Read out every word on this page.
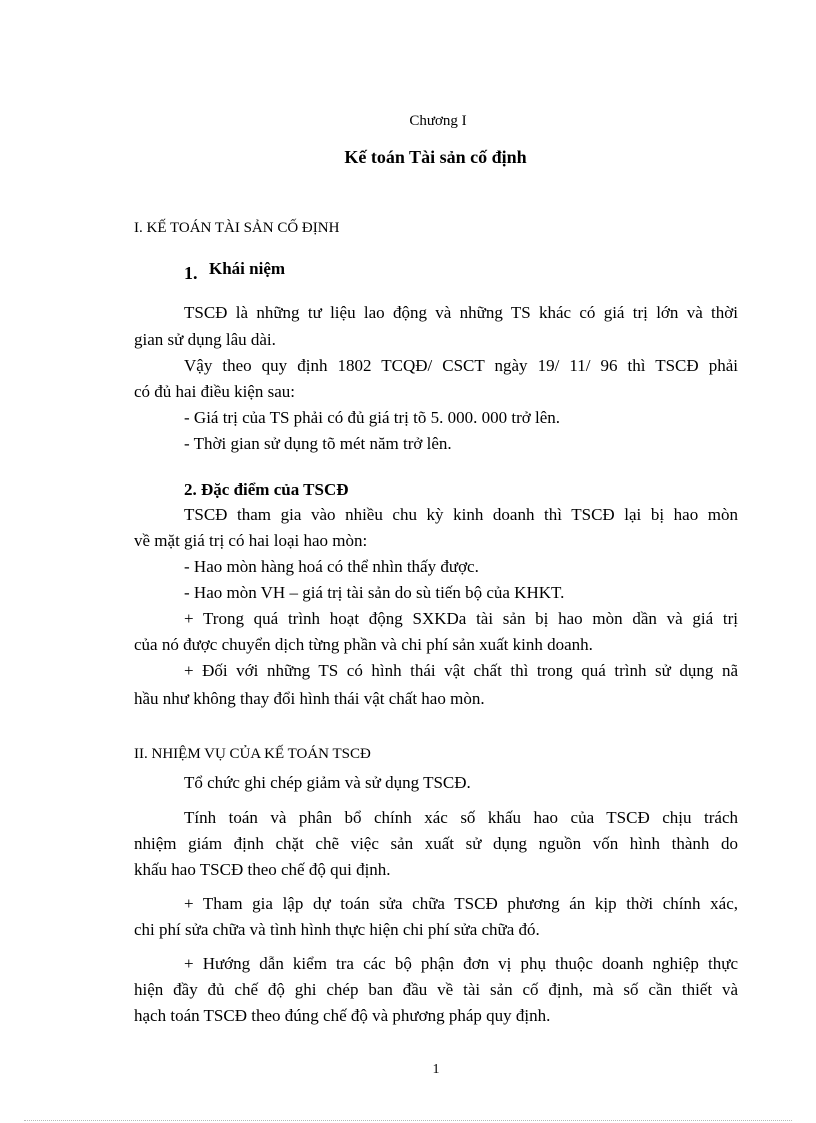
Chương I
Kế toán Tài sản cố định
I. KẾ TOÁN TÀI SẢN CỐ ĐỊNH
1. Khái niệm
TSCĐ là những tư liệu lao động và những TS khác có giá trị lớn và thời
gian sử dụng lâu dài.
Vậy theo quy định 1802 TCQĐ/ CSCT ngày 19/ 11/ 96 thì TSCĐ phải
có đủ hai điều kiện sau:
- Giá trị của TS phải có đủ giá trị tõ 5. 000. 000 trở lên.
- Thời gian sử dụng tõ mét năm trở lên.
2. Đặc điểm của TSCĐ
TSCĐ tham gia vào nhiều chu kỳ kinh doanh thì TSCĐ lại bị hao mòn
về mặt giá trị có hai loại hao mòn:
- Hao mòn hàng hoá có thể nhìn thấy được.
- Hao mòn VH – giá trị tài sản do sù tiến bộ của KHKT.
+ Trong quá trình hoạt động SXKDa tài sản bị hao mòn dần và giá trị
của nó được chuyển dịch từng phần và chi phí sản xuất kinh doanh.
+ Đối với những TS có hình thái vật chất thì trong quá trình sử dụng nã
hầu như không thay đổi hình thái vật chất hao mòn.
II. NHIỆM VỤ CỦA KẾ TOÁN TSCĐ
Tổ chức ghi chép giảm và sử dụng TSCĐ.
Tính toán và phân bổ chính xác số khấu hao của TSCĐ chịu trách
nhiệm giám định chặt chẽ việc sản xuất sử dụng nguồn vốn hình thành do
khấu hao TSCĐ theo chế độ qui định.
+ Tham gia lập dự toán sửa chữa TSCĐ phương án kịp thời chính xác,
chi phí sửa chữa và tình hình thực hiện chi phí sửa chữa đó.
+ Hướng dẫn kiểm tra các bộ phận đơn vị phụ thuộc doanh nghiệp thực
hiện đầy đủ chế độ ghi chép ban đầu về tài sản cố định, mà số cần thiết và
hạch toán TSCĐ theo đúng chế độ và phương pháp quy định.
1
